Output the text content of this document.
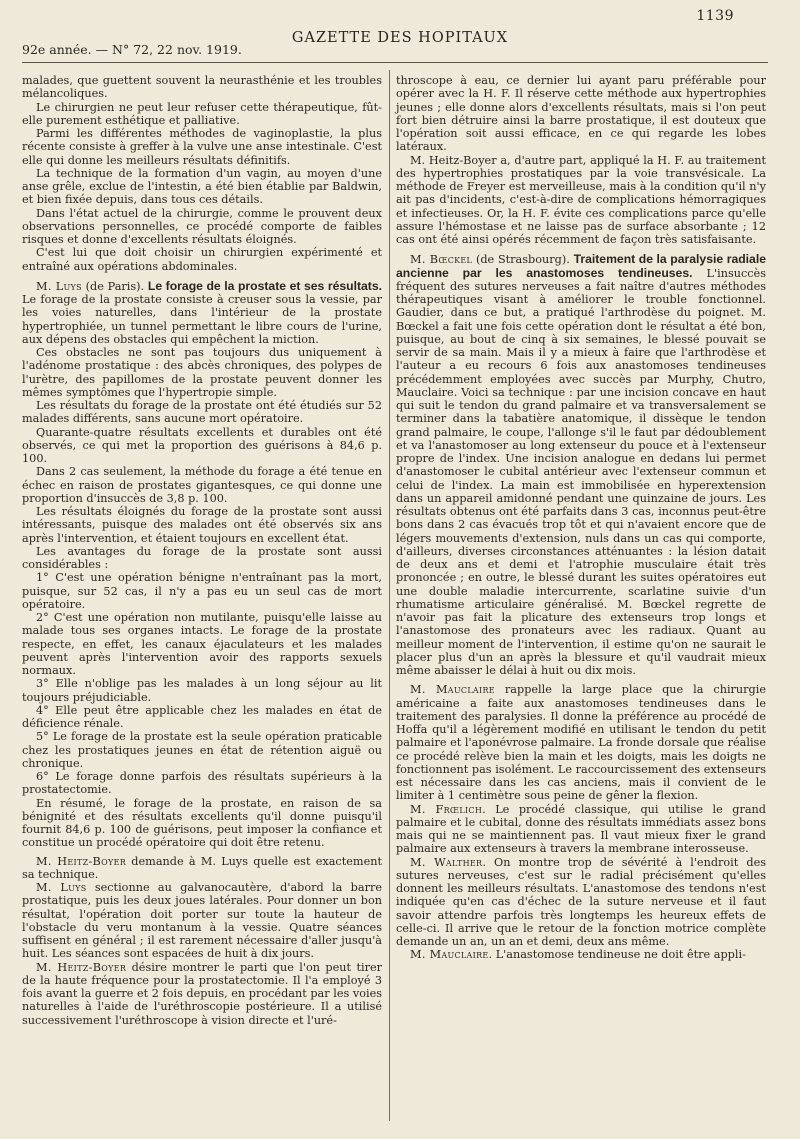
1139
92e année. — N° 72, 22 nov. 1919.
GAZETTE DES HOPITAUX

malades, que guettent souvent la neurasthénie et les troubles mélancoliques.

Le chirurgien ne peut leur refuser cette thérapeutique, fût-elle purement esthétique et palliative.

Parmi les différentes méthodes de vaginoplastie, la plus récente consiste à greffer à la vulve une anse intestinale. C'est elle qui donne les meilleurs résultats définitifs.

La technique de la formation d'un vagin, au moyen d'une anse grêle, exclue de l'intestin, a été bien établie par Baldwin, et bien fixée depuis, dans tous ces détails.

Dans l'état actuel de la chirurgie, comme le prouvent deux observations personnelles, ce procédé comporte de faibles risques et donne d'excellents résultats éloignés.

C'est lui que doit choisir un chirurgien expérimenté et entraîné aux opérations abdominales.

M. Luys (de Paris). Le forage de la prostate et ses résultats. Le forage de la prostate consiste à creuser sous la vessie, par les voies naturelles, dans l'intérieur de la prostate hypertrophiée, un tunnel permettant le libre cours de l'urine, aux dépens des obstacles qui empêchent la miction.

Ces obstacles ne sont pas toujours dus uniquement à l'adénome prostatique : des abcès chroniques, des polypes de l'urètre, des papillomes de la prostate peuvent donner les mêmes symptômes que l'hypertropie simple.

Les résultats du forage de la prostate ont été étudiés sur 52 malades différents, sans aucune mort opératoire.

Quarante-quatre résultats excellents et durables ont été observés, ce qui met la proportion des guérisons à 84,6 p. 100.

Dans 2 cas seulement, la méthode du forage a été tenue en échec en raison de prostates gigantesques, ce qui donne une proportion d'insuccès de 3,8 p. 100.

Les résultats éloignés du forage de la prostate sont aussi intéressants, puisque des malades ont été observés six ans après l'intervention, et étaient toujours en excellent état.

Les avantages du forage de la prostate sont aussi considérables :

1° C'est une opération bénigne n'entraînant pas la mort, puisque, sur 52 cas, il n'y a pas eu un seul cas de mort opératoire.

2° C'est une opération non mutilante, puisqu'elle laisse au malade tous ses organes intacts. Le forage de la prostate respecte, en effet, les canaux éjaculateurs et les malades peuvent après l'intervention avoir des rapports sexuels normaux.

3° Elle n'oblige pas les malades à un long séjour au lit toujours préjudiciable.

4° Elle peut être applicable chez les malades en état de déficience rénale.

5° Le forage de la prostate est la seule opération praticable chez les prostatiques jeunes en état de rétention aiguë ou chronique.

6° Le forage donne parfois des résultats supérieurs à la prostatectomie.

En résumé, le forage de la prostate, en raison de sa bénignité et des résultats excellents qu'il donne puisqu'il fournit 84,6 p. 100 de guérisons, peut imposer la confiance et constitue un procédé opératoire qui doit être retenu.

M. Heitz-Boyer demande à M. Luys quelle est exactement sa technique.

M. Luys sectionne au galvanocautère, d'abord la barre prostatique, puis les deux joues latérales. Pour donner un bon résultat, l'opération doit porter sur toute la hauteur de l'obstacle du veru montanum à la vessie. Quatre séances suffisent en général ; il est rarement nécessaire d'aller jusqu'à huit. Les séances sont espacées de huit à dix jours.

M. Heitz-Boyer désire montrer le parti que l'on peut tirer de la haute fréquence pour la prostatectomie. Il l'a employé 3 fois avant la guerre et 2 fois depuis, en procédant par les voies naturelles à l'aide de l'uréthroscopie postérieure. Il a utilisé successivement l'uréthroscope à vision directe et l'uré-

throscope à eau, ce dernier lui ayant paru préférable pour opérer avec la H. F. Il réserve cette méthode aux hypertrophies jeunes ; elle donne alors d'excellents résultats, mais si l'on peut fort bien détruire ainsi la barre prostatique, il est douteux que l'opération soit aussi efficace, en ce qui regarde les lobes latéraux.

M. Heitz-Boyer a, d'autre part, appliqué la H. F. au traitement des hypertrophies prostatiques par la voie transvésicale. La méthode de Freyer est merveilleuse, mais à la condition qu'il n'y ait pas d'incidents, c'est-à-dire de complications hémorragiques et infectieuses. Or, la H. F. évite ces complications parce qu'elle assure l'hémostase et ne laisse pas de surface absorbante ; 12 cas ont été ainsi opérés récemment de façon très satisfaisante.

M. Bœckel (de Strasbourg). Traitement de la paralysie radiale ancienne par les anastomoses tendineuses. L'insuccès fréquent des sutures nerveuses a fait naître d'autres méthodes thérapeutiques visant à améliorer le trouble fonctionnel. Gaudier, dans ce but, a pratiqué l'arthrodèse du poignet. M. Bœckel a fait une fois cette opération dont le résultat a été bon, puisque, au bout de cinq à six semaines, le blessé pouvait se servir de sa main. Mais il y a mieux à faire que l'arthrodèse et l'auteur a eu recours 6 fois aux anastomoses tendineuses précédemment employées avec succès par Murphy, Chutro, Mauclaire. Voici sa technique : par une incision concave en haut qui suit le tendon du grand palmaire et va transversalement se terminer dans la tabatière anatomique, il dissèque le tendon grand palmaire, le coupe, l'allonge s'il le faut par dédoublement et va l'anastomoser au long extenseur du pouce et à l'extenseur propre de l'index. Une incision analogue en dedans lui permet d'anastomoser le cubital antérieur avec l'extenseur commun et celui de l'index. La main est immobilisée en hyperextension dans un appareil amidonné pendant une quinzaine de jours. Les résultats obtenus ont été parfaits dans 3 cas, inconnus peut-être bons dans 2 cas évacués trop tôt et qui n'avaient encore que de légers mouvements d'extension, nuls dans un cas qui comporte, d'ailleurs, diverses circonstances atténuantes : la lésion datait de deux ans et demi et l'atrophie musculaire était très prononcée ; en outre, le blessé durant les suites opératoires eut une double maladie intercurrente, scarlatine suivie d'un rhumatisme articulaire généralisé. M. Bœckel regrette de n'avoir pas fait la plicature des extenseurs trop longs et l'anastomose des pronateurs avec les radiaux. Quant au meilleur moment de l'intervention, il estime qu'on ne saurait le placer plus d'un an après la blessure et qu'il vaudrait mieux même abaisser le délai à huit ou dix mois.

M. Mauclaire rappelle la large place que la chirurgie américaine a faite aux anastomoses tendineuses dans le traitement des paralysies. Il donne la préférence au procédé de Hoffa qu'il a légèrement modifié en utilisant le tendon du petit palmaire et l'aponévrose palmaire. La fronde dorsale que réalise ce procédé relève bien la main et les doigts, mais les doigts ne fonctionnent pas isolément. Le raccourcissement des extenseurs est nécessaire dans les cas anciens, mais il convient de le limiter à 1 centimètre sous peine de gêner la flexion.

M. Frœlich. Le procédé classique, qui utilise le grand palmaire et le cubital, donne des résultats immédiats assez bons mais qui ne se maintiennent pas. Il vaut mieux fixer le grand palmaire aux extenseurs à travers la membrane interosseuse.

M. Walther. On montre trop de sévérité à l'endroit des sutures nerveuses, c'est sur le radial précisément qu'elles donnent les meilleurs résultats. L'anastomose des tendons n'est indiquée qu'en cas d'échec de la suture nerveuse et il faut savoir attendre parfois très longtemps les heureux effets de celle-ci. Il arrive que le retour de la fonction motrice complète demande un an, un an et demi, deux ans même.

M. Mauclaire. L'anastomose tendineuse ne doit être appli-
